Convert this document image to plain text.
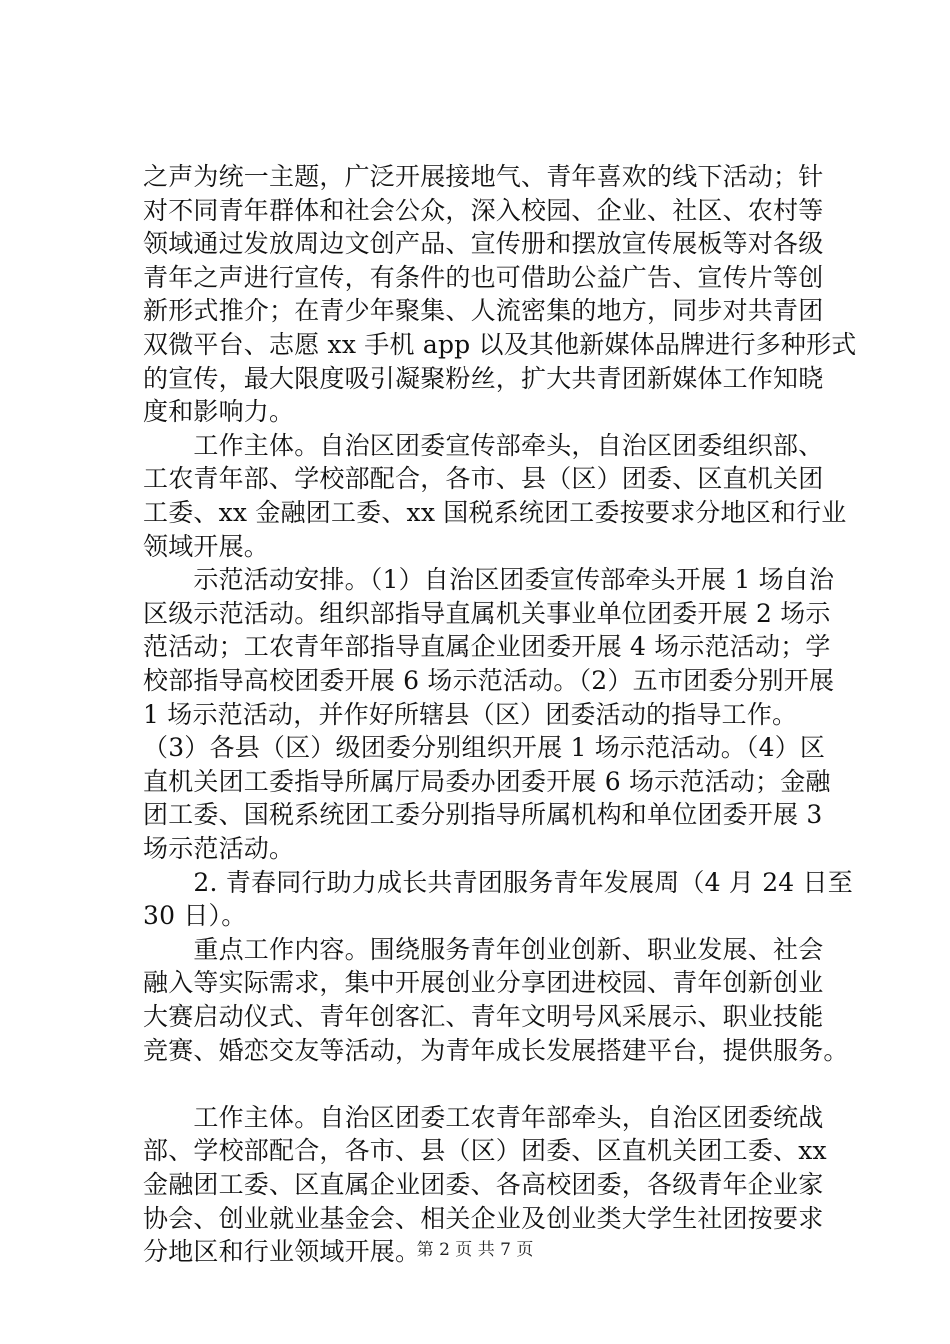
之声为统一主题，广泛开展接地气、青年喜欢的线下活动；针
对不同青年群体和社会公众，深入校园、企业、社区、农村等
领域通过发放周边文创产品、宣传册和摆放宣传展板等对各级
青年之声进行宣传，有条件的也可借助公益广告、宣传片等创
新形式推介；在青少年聚集、人流密集的地方，同步对共青团
双微平台、志愿 xx 手机 app 以及其他新媒体品牌进行多种形式
的宣传，最大限度吸引凝聚粉丝，扩大共青团新媒体工作知晓
度和影响力。
　　工作主体。自治区团委宣传部牵头，自治区团委组织部、
工农青年部、学校部配合，各市、县（区）团委、区直机关团
工委、xx 金融团工委、xx 国税系统团工委按要求分地区和行业
领域开展。
　　示范活动安排。（1）自治区团委宣传部牵头开展 1 场自治
区级示范活动。组织部指导直属机关事业单位团委开展 2 场示
范活动；工农青年部指导直属企业团委开展 4 场示范活动；学
校部指导高校团委开展 6 场示范活动。（2）五市团委分别开展
1 场示范活动，并作好所辖县（区）团委活动的指导工作。
（3）各县（区）级团委分别组织开展 1 场示范活动。（4）区
直机关团工委指导所属厅局委办团委开展 6 场示范活动；金融
团工委、国税系统团工委分别指导所属机构和单位团委开展 3
场示范活动。
　　2. 青春同行助力成长共青团服务青年发展周（4 月 24 日至
30 日）。
　　重点工作内容。围绕服务青年创业创新、职业发展、社会
融入等实际需求，集中开展创业分享团进校园、青年创新创业
大赛启动仪式、青年创客汇、青年文明号风采展示、职业技能
竞赛、婚恋交友等活动，为青年成长发展搭建平台，提供服务。
　　工作主体。自治区团委工农青年部牵头，自治区团委统战
部、学校部配合，各市、县（区）团委、区直机关团工委、xx
金融团工委、区直属企业团委、各高校团委，各级青年企业家
协会、创业就业基金会、相关企业及创业类大学生社团按要求
分地区和行业领域开展。
第 2 页 共 7 页
